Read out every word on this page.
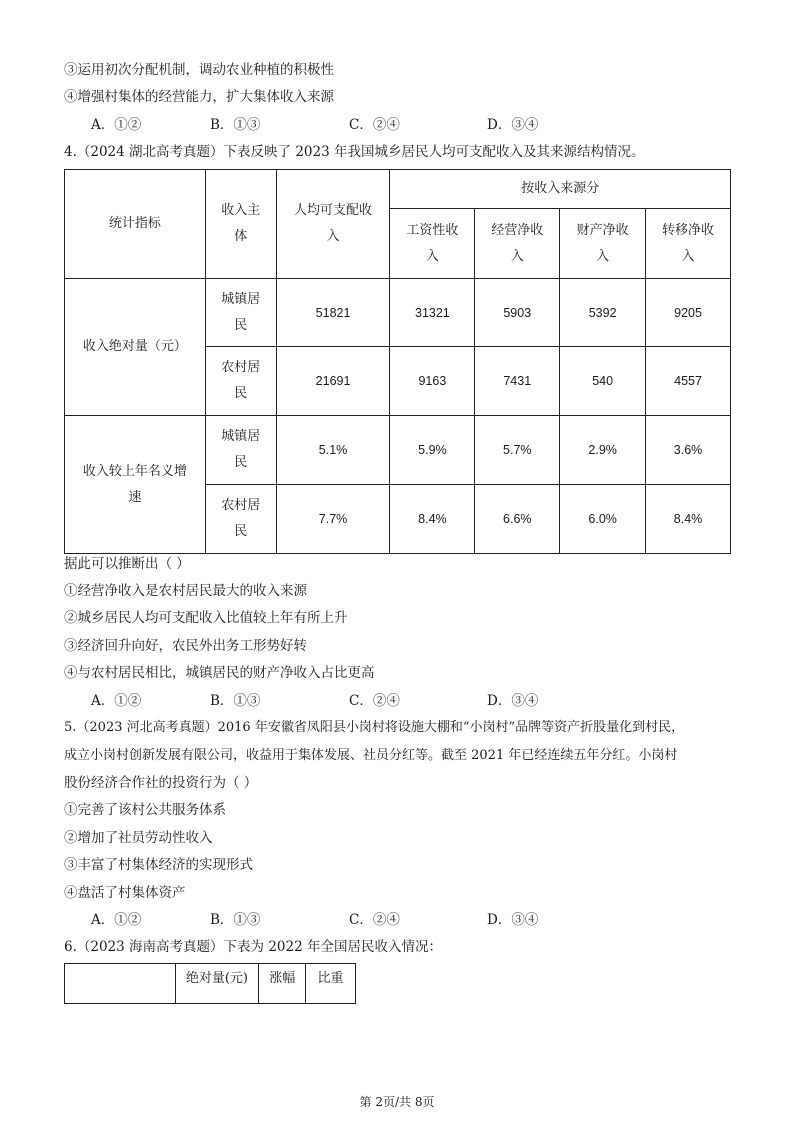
③运用初次分配机制，调动农业种植的积极性
④增强村集体的经营能力，扩大集体收入来源
A．①②	B．①③	C．②④	D．③④
4.（2024 湖北高考真题）下表反映了 2023 年我国城乡居民人均可支配收入及其来源结构情况。
统计指标	收入主体	人均可支配收入	按收入来源分			
			工资性收入	经营净收入	财产净收入	转移净收入
收入绝对量（元）	城镇居民	51821	31321	5903	5392	9205
	农村居民	21691	9163	7431	540	4557
收入较上年名义增速	城镇居民	5.1%	5.9%	5.7%	2.9%	3.6%
	农村居民	7.7%	8.4%	6.6%	6.0%	8.4%
据此可以推断出（ ）
①经营净收入是农村居民最大的收入来源
②城乡居民人均可支配收入比值较上年有所上升
③经济回升向好，农民外出务工形势好转
④与农村居民相比，城镇居民的财产净收入占比更高
A．①②	B．①③	C．②④	D．③④
5.（2023 河北高考真题）2016 年安徽省凤阳县小岗村将设施大棚和“小岗村”品牌等资产折股量化到村民，
成立小岗村创新发展有限公司，收益用于集体发展、社员分红等。截至 2021 年已经连续五年分红。小岗村
股份经济合作社的投资行为（ ）
①完善了该村公共服务体系
②增加了社员劳动性收入
③丰富了村集体经济的实现形式
④盘活了村集体资产
A．①②	B．①③	C．②④	D．③④
6.（2023 海南高考真题）下表为 2022 年全国居民收入情况：
	绝对量(元)	涨幅	比重
第 2页/共 8页
